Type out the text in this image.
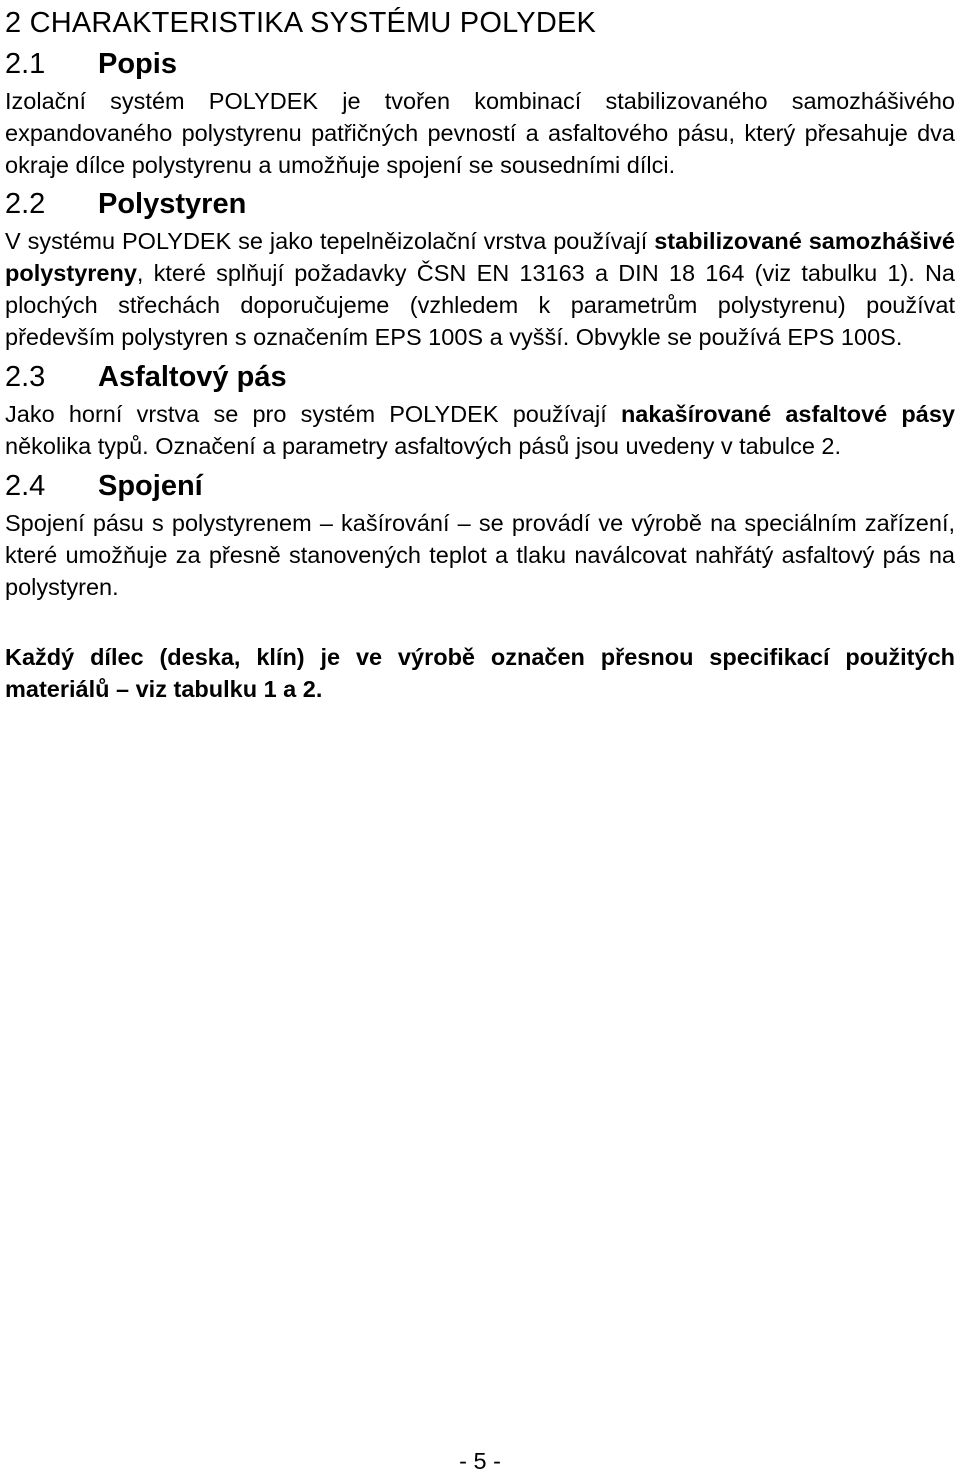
2 CHARAKTERISTIKA SYSTÉMU POLYDEK
2.1 Popis

Izolační systém POLYDEK je tvořen kombinací stabilizovaného samozhášivého expandovaného polystyrenu patřičných pevností a asfaltového pásu, který přesahuje dva okraje dílce polystyrenu a umožňuje spojení se sousedními dílci.

2.2 Polystyren

V systému POLYDEK se jako tepelněizolační vrstva používají stabilizované samozhášivé polystyreny, které splňují požadavky ČSN EN 13163 a DIN 18 164 (viz tabulku 1). Na plochých střechách doporučujeme (vzhledem k parametrům polystyrenu) používat především polystyren s označením EPS 100S a vyšší. Obvykle se používá EPS 100S.

2.3 Asfaltový pás

Jako horní vrstva se pro systém POLYDEK používají nakašírované asfaltové pásy několika typů. Označení a parametry asfaltových pásů jsou uvedeny v tabulce 2.

2.4 Spojení

Spojení pásu s polystyrenem – kašírování – se provádí ve výrobě na speciálním zařízení, které umožňuje za přesně stanovených teplot a tlaku naválcovat nahřátý asfaltový pás na polystyren.

Každý dílec (deska, klín) je ve výrobě označen přesnou specifikací použitých materiálů – viz tabulku 1 a 2.

- 5 -
